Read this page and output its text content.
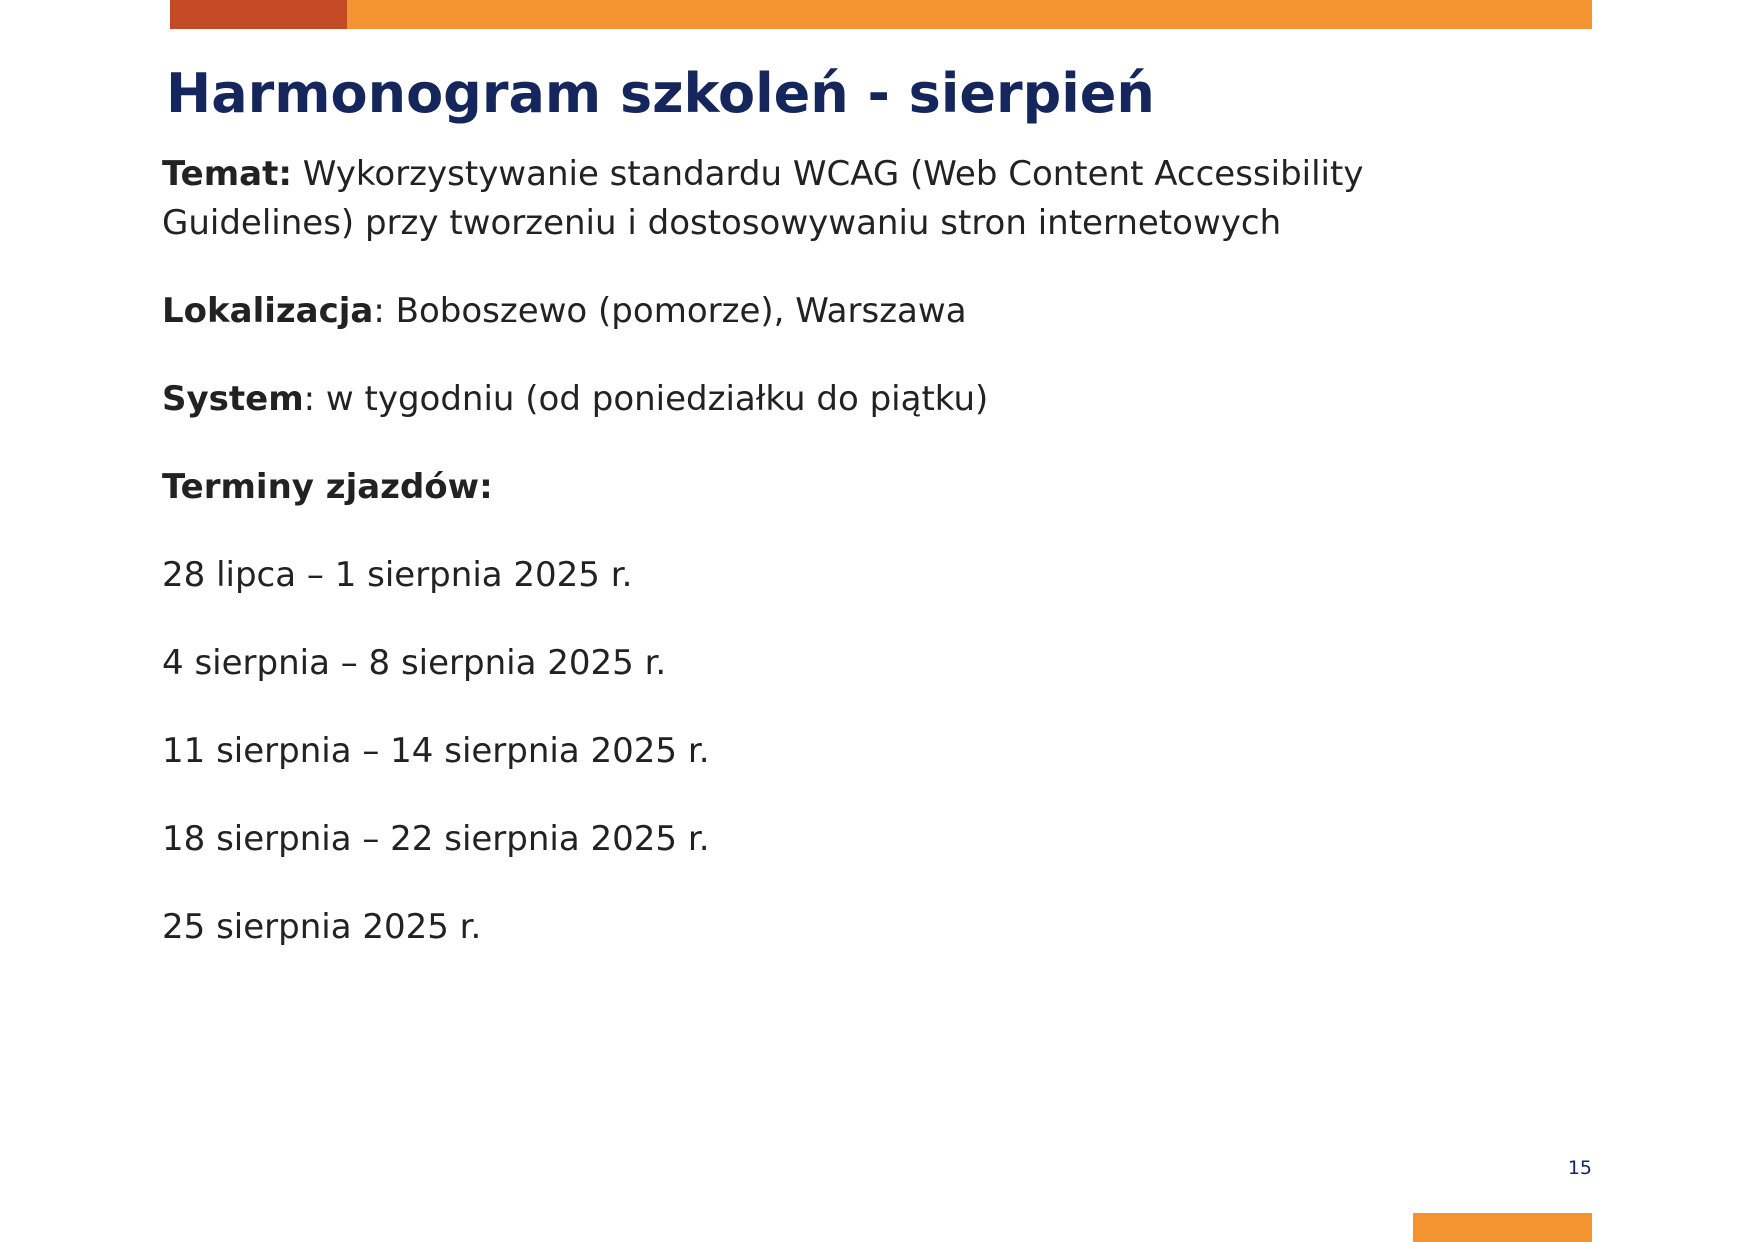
Harmonogram szkoleń - sierpień

Temat: Wykorzystywanie standardu WCAG (Web Content Accessibility Guidelines) przy tworzeniu i dostosowywaniu stron internetowych

Lokalizacja: Boboszewo (pomorze), Warszawa

System: w tygodniu (od poniedziałku do piątku)

Terminy zjazdów:

28 lipca – 1 sierpnia 2025 r.

4 sierpnia – 8 sierpnia 2025 r.

11 sierpnia – 14 sierpnia 2025 r.

18 sierpnia – 22 sierpnia 2025 r.

25 sierpnia 2025 r.

15
